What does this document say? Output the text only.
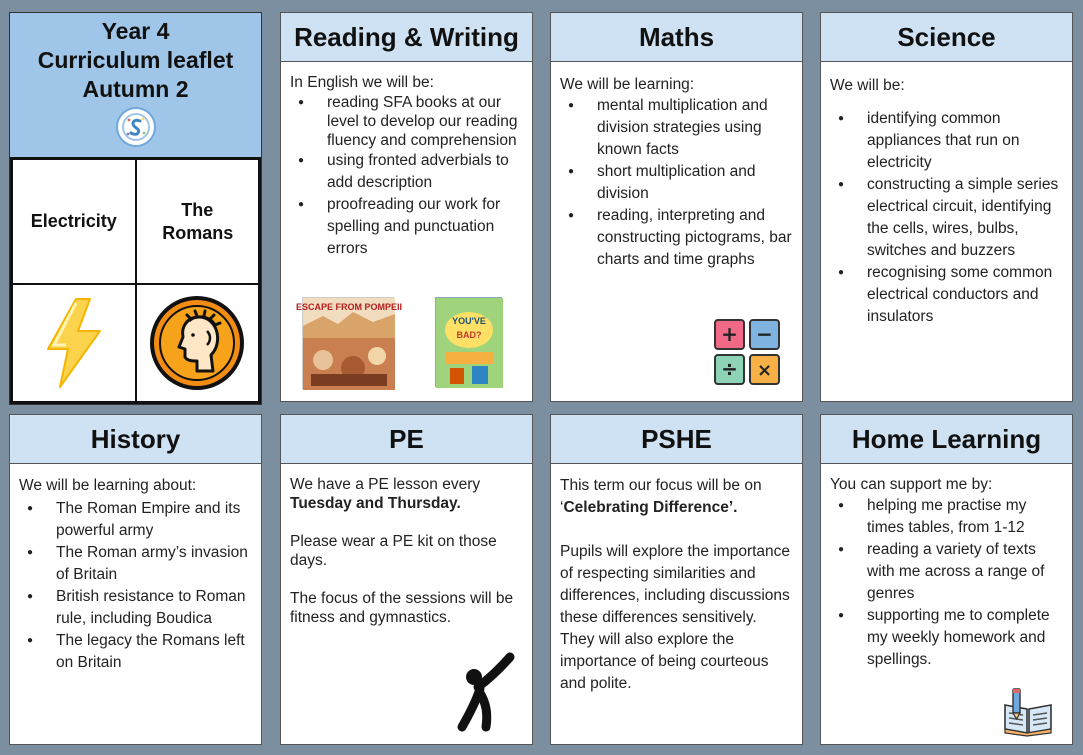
Year 4
Curriculum leaflet
Autumn 2
Electricity
The Romans
Reading & Writing

In English we will be:

● reading SFA books at our level to develop our reading fluency and comprehension
● using fronted adverbials to add description
● proofreading our work for spelling and punctuation errors
ESCAPE FROM POMPEII
YOU'VE
BAD?
Maths

We will be learning:

● mental multiplication and division strategies using known facts
● short multiplication and division
● reading, interpreting and constructing pictograms, bar charts and time graphs
+ −
÷ ×
Science

We will be:

● identifying common appliances that run on electricity
● constructing a simple series electrical circuit, identifying the cells, wires, bulbs, switches and buzzers
● recognising some common electrical conductors and insulators
History

We will be learning about:

● The Roman Empire and its powerful army
● The Roman army’s invasion of Britain
● British resistance to Roman rule, including Boudica
● The legacy the Romans left on Britain
PE

We have a PE lesson every

Tuesday and Thursday.

Please wear a PE kit on those days.

The focus of the sessions will be fitness and gymnastics.

PSHE

This term our focus will be on

‘Celebrating Difference’.

Pupils will explore the importance of respecting similarities and differences, including discussions these differences sensitively.

They will also explore the importance of being courteous and polite.

Home Learning

You can support me by:

● helping me practise my times tables, from 1-12
● reading a variety of texts with me across a range of genres
● supporting me to complete my weekly homework and spellings.
